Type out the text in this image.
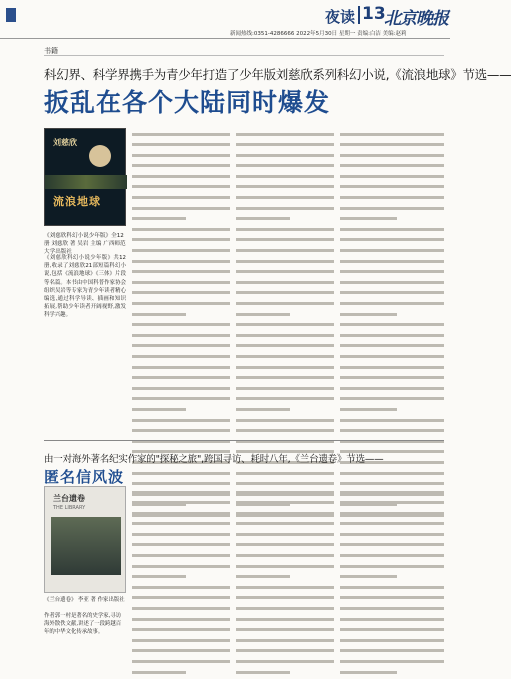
夜读 13
北京晚报
新闻热线:0351-4286666 2022年5月30日 星期一 责编:白洁 美编:赵莉
书籍
科幻界、科学界携手为青少年打造了少年版刘慈欣系列科幻小说,《流浪地球》节选——
扳乱在各个大陆同时爆发
刘慈欣
流浪地球
《刘慈欣科幻小说少年版》全12册 刘慈欣 著 吴岩 主编 广西师范大学出版社
《刘慈欣科幻小说少年版》共12册,收录了刘慈欣21部短篇科幻小说,包括《流浪地球》《三体》片段等名篇。本书由中国科普作家协会组织吴岩等专家为青少年读者精心编选,通过科学导读、插画和知识拓展,帮助少年读者开阔视野,激发科学兴趣。
由一对海外著名纪实作家的"探秘之旅",跨国寻访、耗时八年,《兰台遗卷》节选——
匿名信风波
兰台遗卷
THE LIBRARY
《兰台遗卷》 李亚 著 作家出版社
作者郭一村是著名的史学家,寻访海外散佚文献,讲述了一段跨越百年的中华文化传承故事。
